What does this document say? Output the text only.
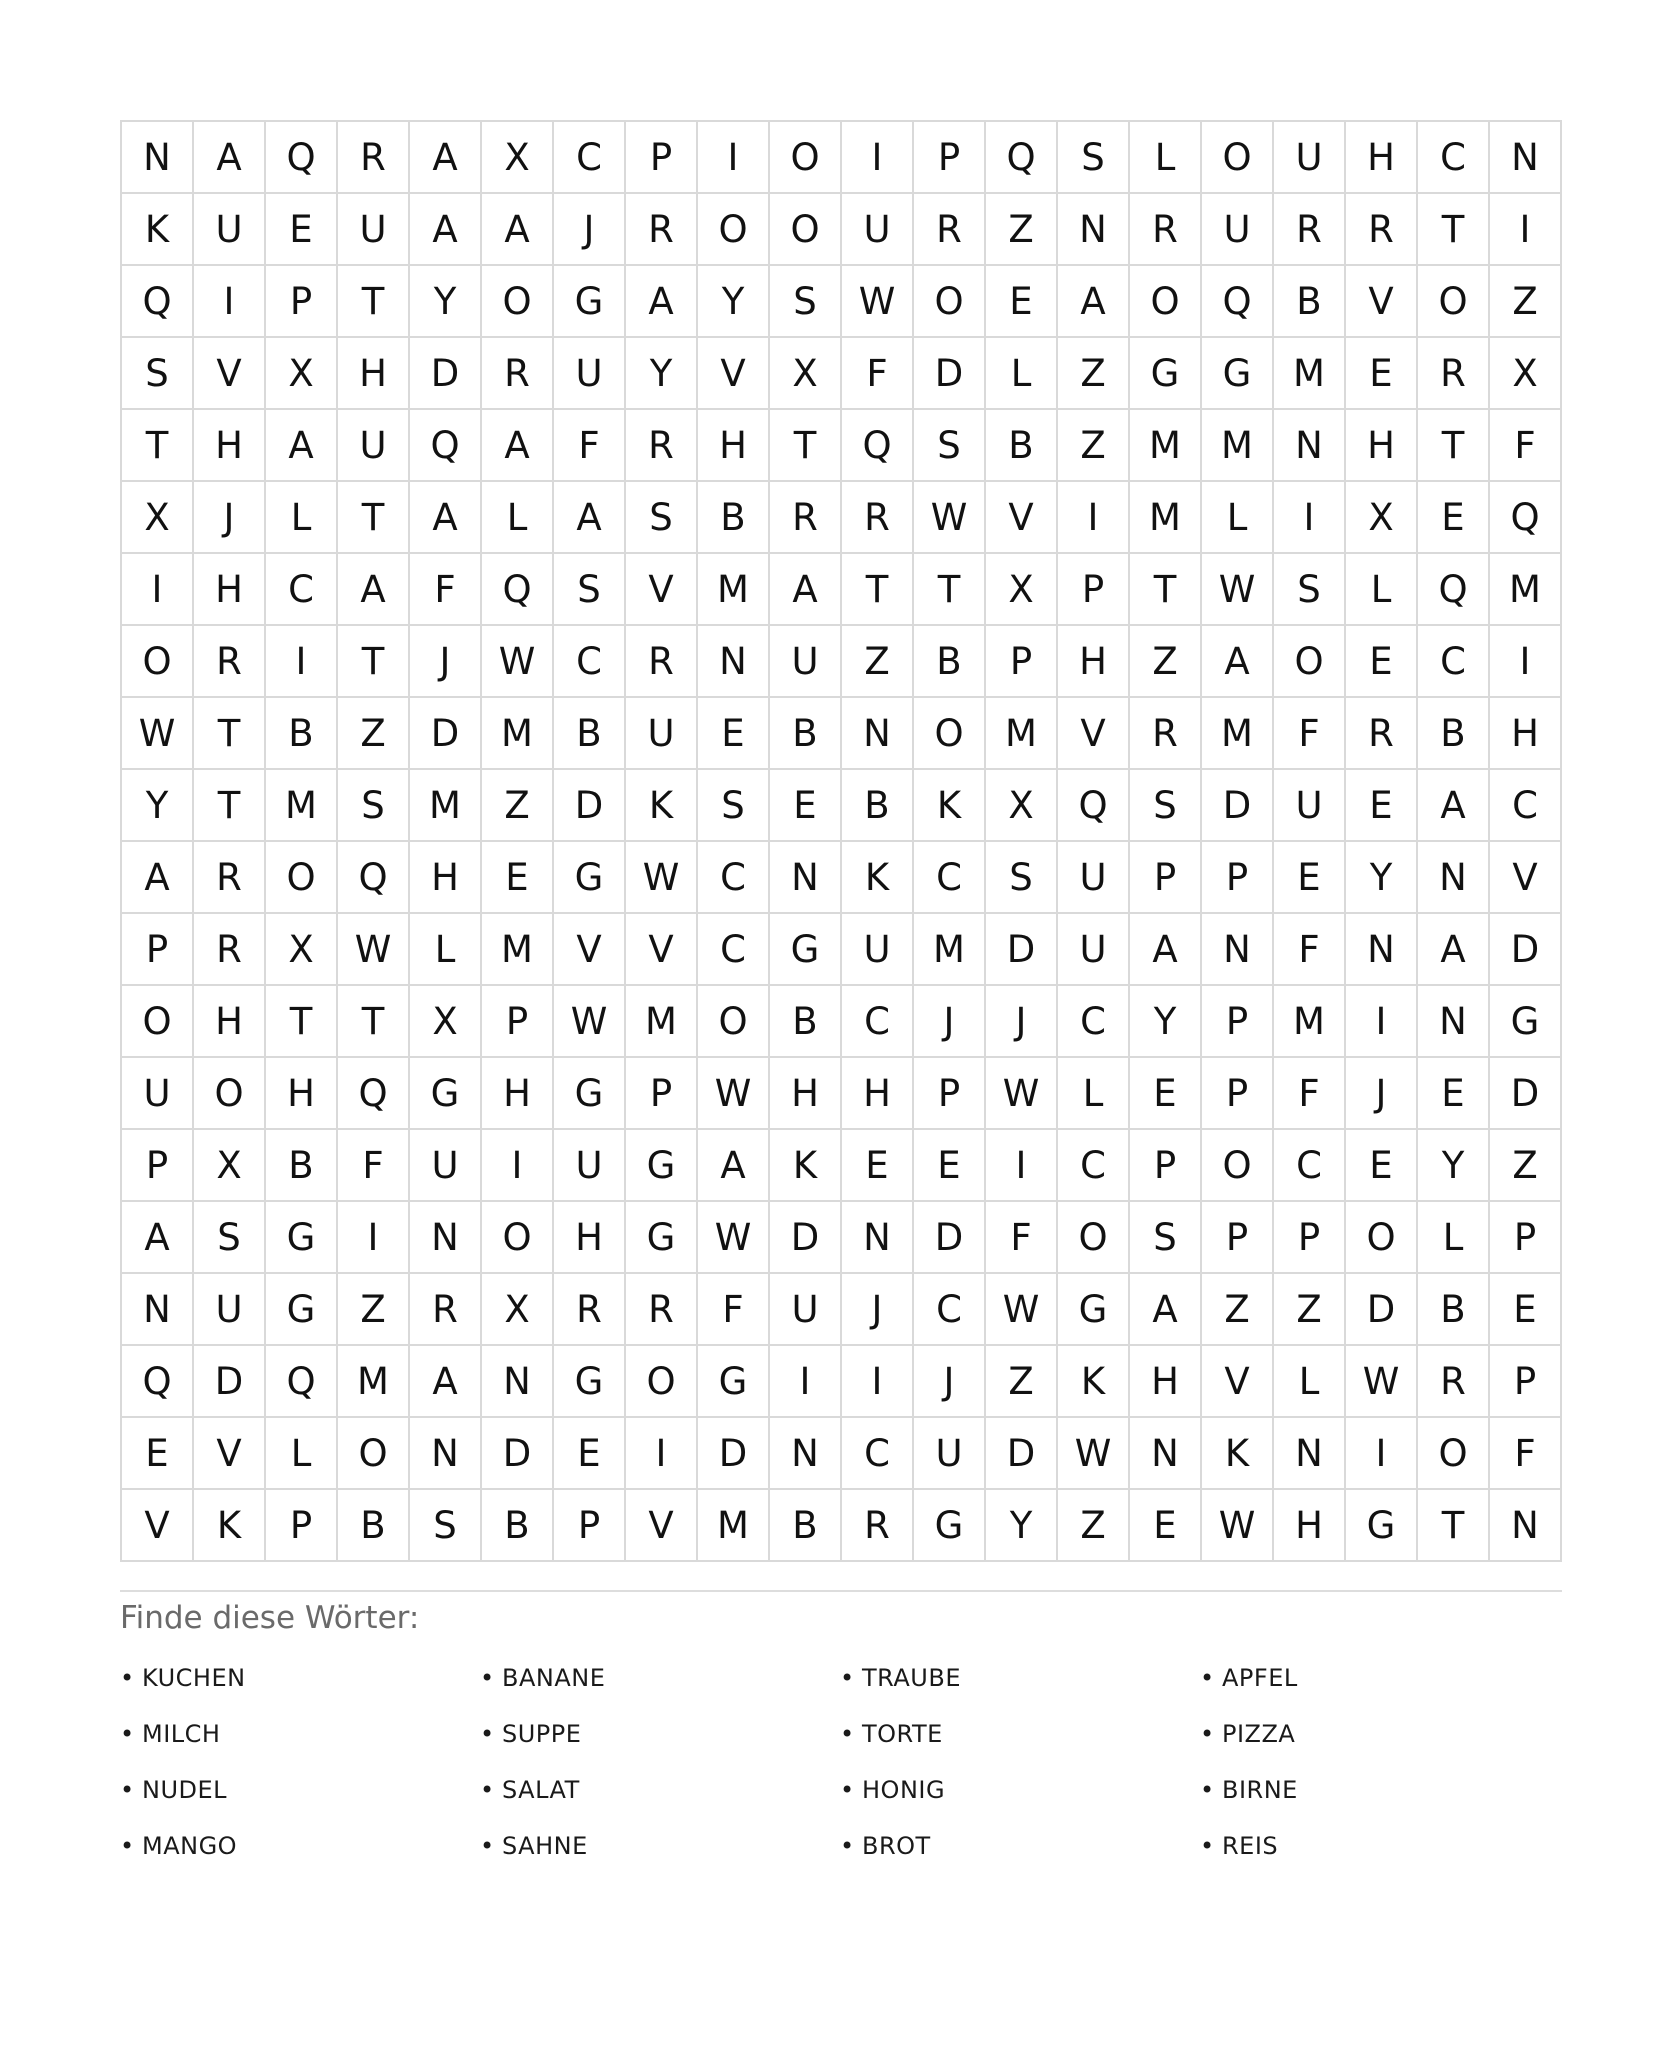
N	A	Q	R	A	X	C	P	I	O	I	P	Q	S	L	O	U	H	C	N
K	U	E	U	A	A	J	R	O	O	U	R	Z	N	R	U	R	R	T	I
Q	I	P	T	Y	O	G	A	Y	S	W	O	E	A	O	Q	B	V	O	Z
S	V	X	H	D	R	U	Y	V	X	F	D	L	Z	G	G	M	E	R	X
T	H	A	U	Q	A	F	R	H	T	Q	S	B	Z	M	M	N	H	T	F
X	J	L	T	A	L	A	S	B	R	R	W	V	I	M	L	I	X	E	Q
I	H	C	A	F	Q	S	V	M	A	T	T	X	P	T	W	S	L	Q	M
O	R	I	T	J	W	C	R	N	U	Z	B	P	H	Z	A	O	E	C	I
W	T	B	Z	D	M	B	U	E	B	N	O	M	V	R	M	F	R	B	H
Y	T	M	S	M	Z	D	K	S	E	B	K	X	Q	S	D	U	E	A	C
A	R	O	Q	H	E	G	W	C	N	K	C	S	U	P	P	E	Y	N	V
P	R	X	W	L	M	V	V	C	G	U	M	D	U	A	N	F	N	A	D
O	H	T	T	X	P	W	M	O	B	C	J	J	C	Y	P	M	I	N	G
U	O	H	Q	G	H	G	P	W	H	H	P	W	L	E	P	F	J	E	D
P	X	B	F	U	I	U	G	A	K	E	E	I	C	P	O	C	E	Y	Z
A	S	G	I	N	O	H	G	W	D	N	D	F	O	S	P	P	O	L	P
N	U	G	Z	R	X	R	R	F	U	J	C	W	G	A	Z	Z	D	B	E
Q	D	Q	M	A	N	G	O	G	I	I	J	Z	K	H	V	L	W	R	P
E	V	L	O	N	D	E	I	D	N	C	U	D	W	N	K	N	I	O	F
V	K	P	B	S	B	P	V	M	B	R	G	Y	Z	E	W	H	G	T	N
Finde diese Wörter:
• KUCHEN	• BANANE	• TRAUBE	• APFEL
• MILCH	• SUPPE	• TORTE	• PIZZA
• NUDEL	• SALAT	• HONIG	• BIRNE
• MANGO	• SAHNE	• BROT	• REIS
